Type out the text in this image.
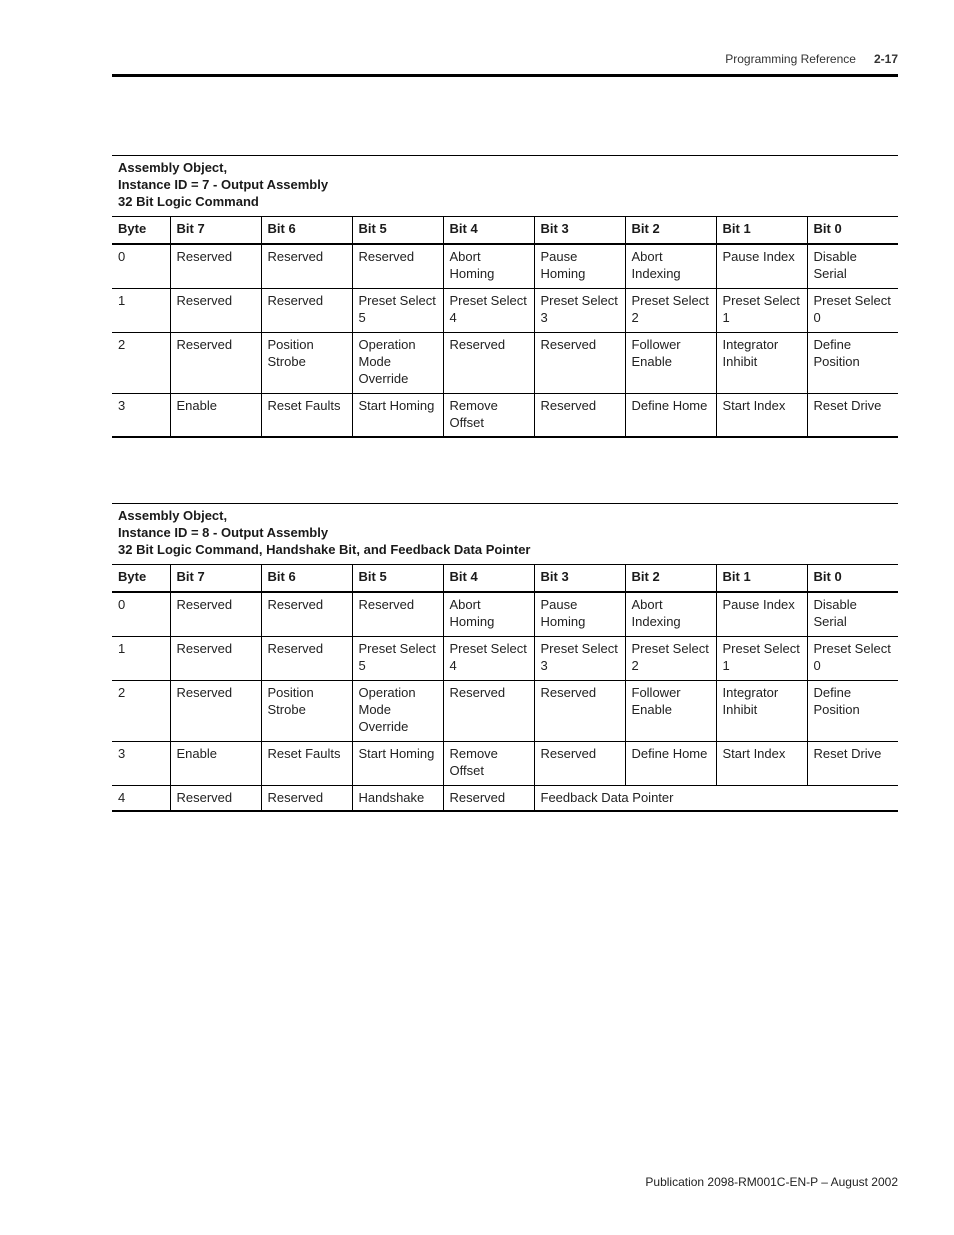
Programming Reference 2-17
Assembly Object,
Instance ID = 7 - Output Assembly
32 Bit Logic Command
Byte	Bit 7	Bit 6	Bit 5	Bit 4	Bit 3	Bit 2	Bit 1	Bit 0
0	Reserved	Reserved	Reserved	Abort Homing	Pause Homing	Abort Indexing	Pause Index	Disable Serial
1	Reserved	Reserved	Preset Select 5	Preset Select 4	Preset Select 3	Preset Select 2	Preset Select 1	Preset Select 0
2	Reserved	Position Strobe	Operation Mode Override	Reserved	Reserved	Follower Enable	Integrator Inhibit	Define Position
3	Enable	Reset Faults	Start Homing	Remove Offset	Reserved	Define Home	Start Index	Reset Drive
Assembly Object,
Instance ID = 8 - Output Assembly
32 Bit Logic Command, Handshake Bit, and Feedback Data Pointer
Byte	Bit 7	Bit 6	Bit 5	Bit 4	Bit 3	Bit 2	Bit 1	Bit 0
0	Reserved	Reserved	Reserved	Abort Homing	Pause Homing	Abort Indexing	Pause Index	Disable Serial
1	Reserved	Reserved	Preset Select 5	Preset Select 4	Preset Select 3	Preset Select 2	Preset Select 1	Preset Select 0
2	Reserved	Position Strobe	Operation Mode Override	Reserved	Reserved	Follower Enable	Integrator Inhibit	Define Position
3	Enable	Reset Faults	Start Homing	Remove Offset	Reserved	Define Home	Start Index	Reset Drive
4	Reserved	Reserved	Handshake	Reserved	Feedback Data Pointer			
Publication 2098-RM001C-EN-P – August 2002
